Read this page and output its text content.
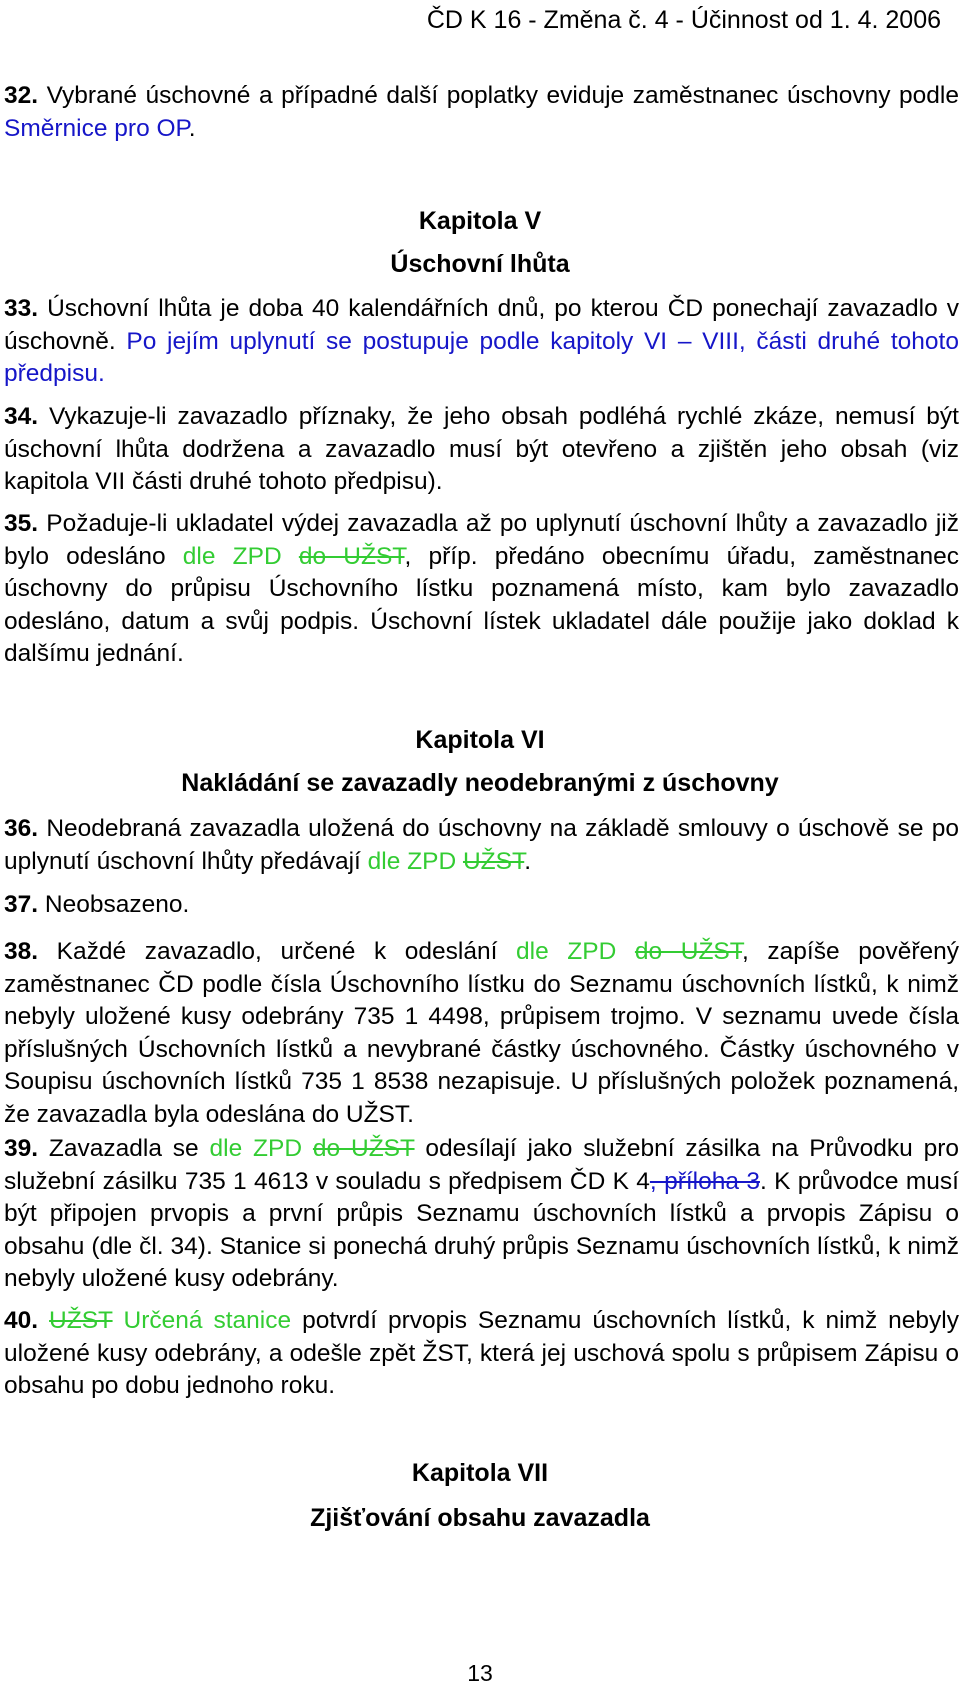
ČD K 16 - Změna č. 4 - Účinnost od 1. 4. 2006
32. Vybrané úschovné a případné další poplatky eviduje zaměstnanec úschovny podle Směrnice pro OP.
Kapitola V
Úschovní lhůta
33. Úschovní lhůta je doba 40 kalendářních dnů, po kterou ČD ponechají zavazadlo v úschovně. Po jejím uplynutí se postupuje podle kapitoly VI – VIII, části druhé tohoto předpisu.
34. Vykazuje-li zavazadlo příznaky, že jeho obsah podléhá rychlé zkáze, nemusí být úschovní lhůta dodržena a zavazadlo musí být otevřeno a zjištěn jeho obsah (viz kapitola VII části druhé tohoto předpisu).
35. Požaduje-li ukladatel výdej zavazadla až po uplynutí úschovní lhůty a zavazadlo již bylo odesláno dle ZPD do UŽST, příp. předáno obecnímu úřadu, zaměstnanec úschovny do průpisu Úschovního lístku poznamená místo, kam bylo zavazadlo odesláno, datum a svůj podpis. Úschovní lístek ukladatel dále použije jako doklad k dalšímu jednání.
Kapitola VI
Nakládání se zavazadly neodebranými z úschovny
36. Neodebraná zavazadla uložená do úschovny na základě smlouvy o úschově se po uplynutí úschovní lhůty předávají dle ZPD UŽST.
37. Neobsazeno.
38. Každé zavazadlo, určené k odeslání dle ZPD do UŽST, zapíše pověřený zaměstnanec ČD podle čísla Úschovního lístku do Seznamu úschovních lístků, k nimž nebyly uložené kusy odebrány 735 1 4498, průpisem trojmo. V seznamu uvede čísla příslušných Úschovních lístků a nevybrané částky úschovného. Částky úschovného v Soupisu úschovních lístků 735 1 8538 nezapisuje. U příslušných položek poznamená, že zavazadla byla odeslána do UŽST.
39. Zavazadla se dle ZPD do UŽST odesílají jako služební zásilka na Průvodku pro služební zásilku 735 1 4613 v souladu s předpisem ČD K 4, příloha 3. K průvodce musí být připojen prvopis a první průpis Seznamu úschovních lístků a prvopis Zápisu o obsahu (dle čl. 34). Stanice si ponechá druhý průpis Seznamu úschovních lístků, k nimž nebyly uložené kusy odebrány.
40. UŽST Určená stanice potvrdí prvopis Seznamu úschovních lístků, k nimž nebyly uložené kusy odebrány, a odešle zpět ŽST, která jej uschová spolu s průpisem Zápisu o obsahu po dobu jednoho roku.
Kapitola VII
Zjišťování obsahu zavazadla
13
